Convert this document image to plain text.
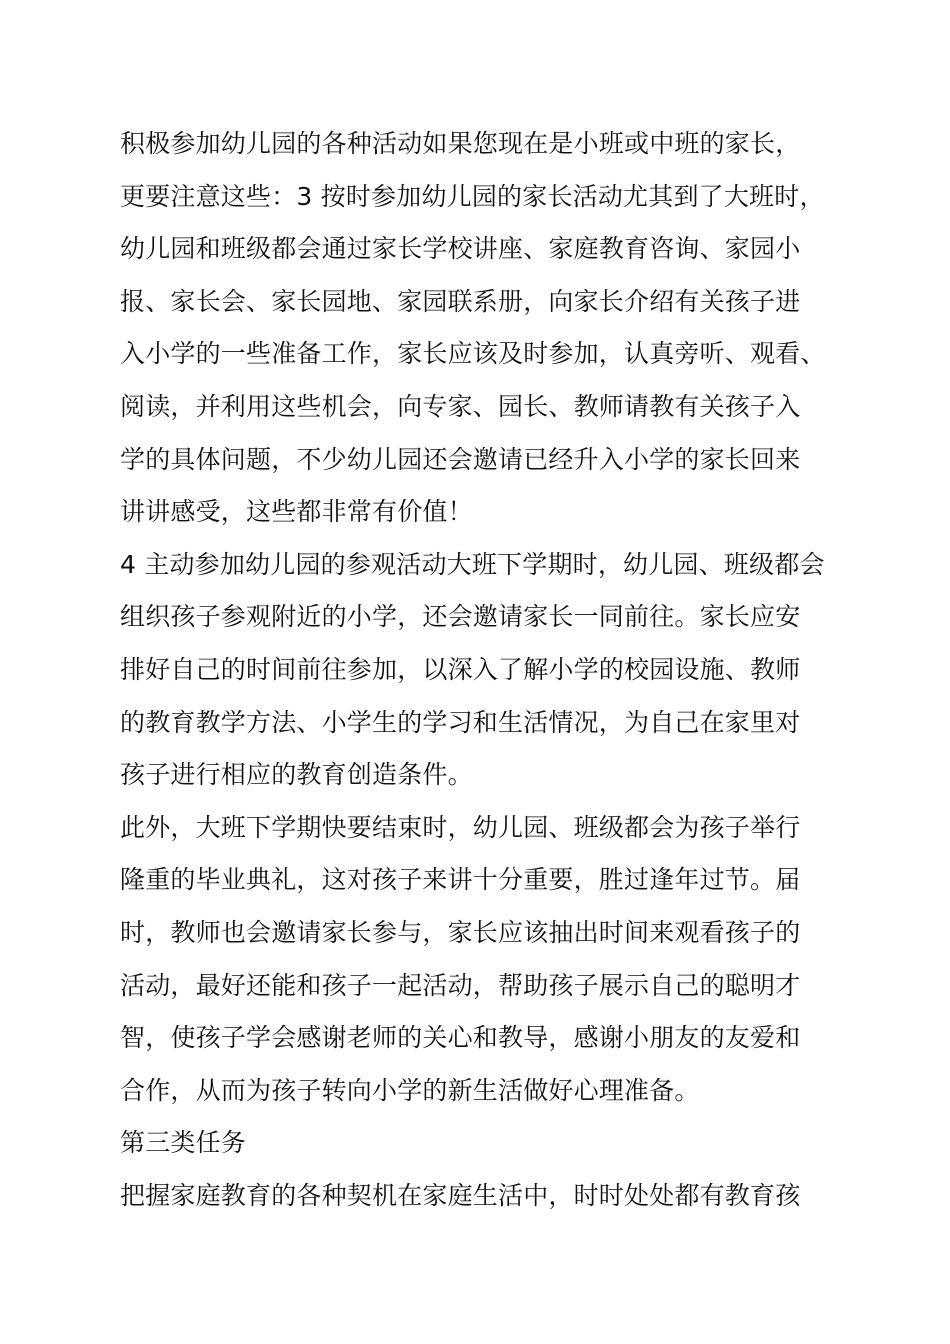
积极参加幼儿园的各种活动如果您现在是小班或中班的家长，
更要注意这些：3 按时参加幼儿园的家长活动尤其到了大班时，
幼儿园和班级都会通过家长学校讲座、家庭教育咨询、家园小
报、家长会、家长园地、家园联系册，向家长介绍有关孩子进
入小学的一些准备工作，家长应该及时参加，认真旁听、观看、
阅读，并利用这些机会，向专家、园长、教师请教有关孩子入
学的具体问题，不少幼儿园还会邀请已经升入小学的家长回来
讲讲感受，这些都非常有价值！
4 主动参加幼儿园的参观活动大班下学期时，幼儿园、班级都会
组织孩子参观附近的小学，还会邀请家长一同前往。家长应安
排好自己的时间前往参加，以深入了解小学的校园设施、教师
的教育教学方法、小学生的学习和生活情况，为自己在家里对
孩子进行相应的教育创造条件。
此外，大班下学期快要结束时，幼儿园、班级都会为孩子举行
隆重的毕业典礼，这对孩子来讲十分重要，胜过逢年过节。届
时，教师也会邀请家长参与，家长应该抽出时间来观看孩子的
活动，最好还能和孩子一起活动，帮助孩子展示自己的聪明才
智，使孩子学会感谢老师的关心和教导，感谢小朋友的友爱和
合作，从而为孩子转向小学的新生活做好心理准备。
第三类任务
把握家庭教育的各种契机在家庭生活中，时时处处都有教育孩
